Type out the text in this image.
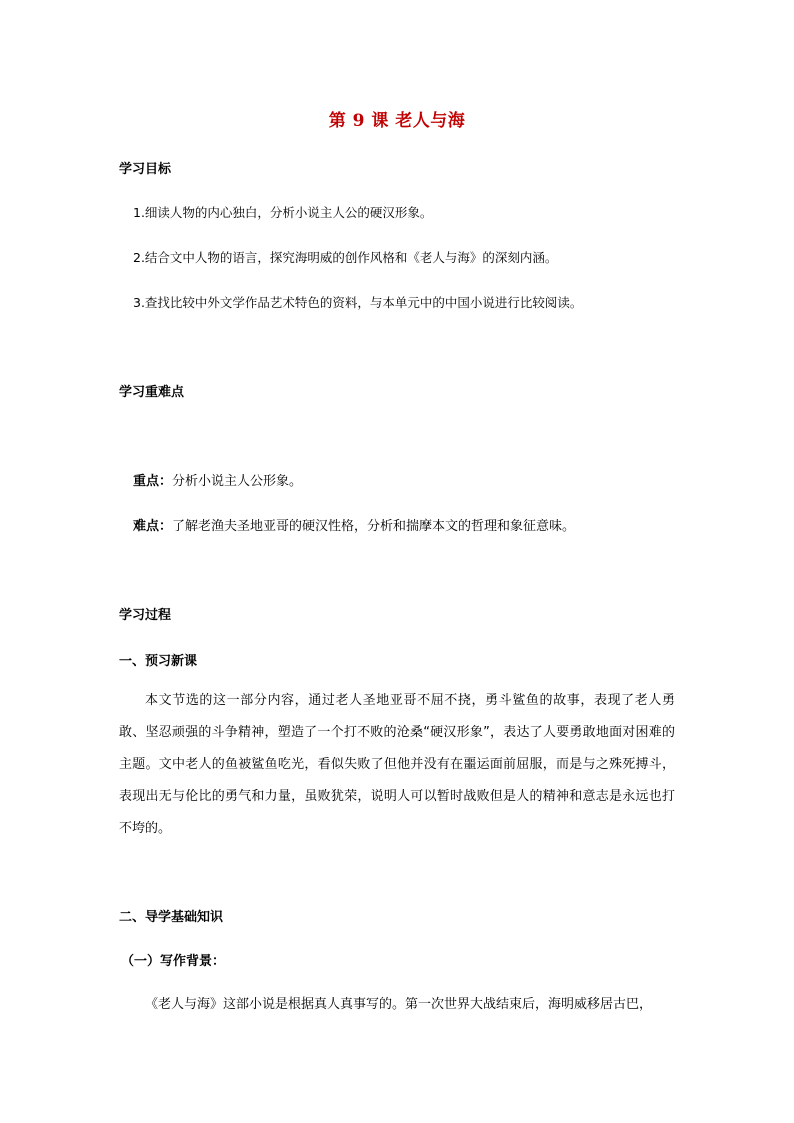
第 9 课 老人与海
学习目标
1.细读人物的内心独白，分析小说主人公的硬汉形象。
2.结合文中人物的语言，探究海明威的创作风格和《老人与海》的深刻内涵。
3.查找比较中外文学作品艺术特色的资料，与本单元中的中国小说进行比较阅读。
学习重难点
重点：分析小说主人公形象。
难点：了解老渔夫圣地亚哥的硬汉性格，分析和揣摩本文的哲理和象征意味。
学习过程
一、预习新课
本文节选的这一部分内容，通过老人圣地亚哥不屈不挠，勇斗鲨鱼的故事，表现了老人勇敢、坚忍顽强的斗争精神，塑造了一个打不败的沧桑“硬汉形象”，表达了人要勇敢地面对困难的主题。文中老人的鱼被鲨鱼吃光，看似失败了但他并没有在噩运面前屈服，而是与之殊死搏斗，表现出无与伦比的勇气和力量，虽败犹荣，说明人可以暂时战败但是人的精神和意志是永远也打不垮的。
二、导学基础知识
（一）写作背景：
《老人与海》这部小说是根据真人真事写的。第一次世界大战结束后，海明威移居古巴，
